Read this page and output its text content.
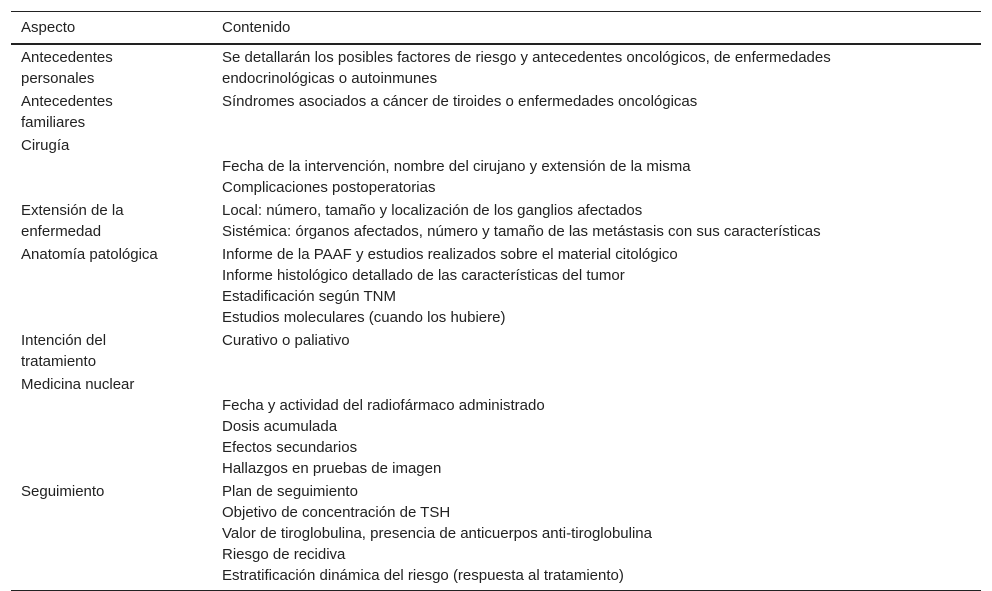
Aspecto	Contenido

Antecedentes
personales	Se detallarán los posibles factores de riesgo y antecedentes oncológicos, de enfermedades
endocrinológicas o autoinmunes

Antecedentes
familiares	Síndromes asociados a cáncer de tiroides o enfermedades oncológicas

Cirugía	Fecha de la intervención, nombre del cirujano y extensión de la misma
Complicaciones postoperatorias

Extensión de la
enfermedad	Local: número, tamaño y localización de los ganglios afectados
Sistémica: órganos afectados, número y tamaño de las metástasis con sus características

Anatomía patológica	Informe de la PAAF y estudios realizados sobre el material citológico
Informe histológico detallado de las características del tumor
Estadificación según TNM
Estudios moleculares (cuando los hubiere)

Intención del
tratamiento	Curativo o paliativo

Medicina nuclear	Fecha y actividad del radiofármaco administrado
Dosis acumulada
Efectos secundarios
Hallazgos en pruebas de imagen

Seguimiento	Plan de seguimiento
Objetivo de concentración de TSH
Valor de tiroglobulina, presencia de anticuerpos anti-tiroglobulina
Riesgo de recidiva
Estratificación dinámica del riesgo (respuesta al tratamiento)
